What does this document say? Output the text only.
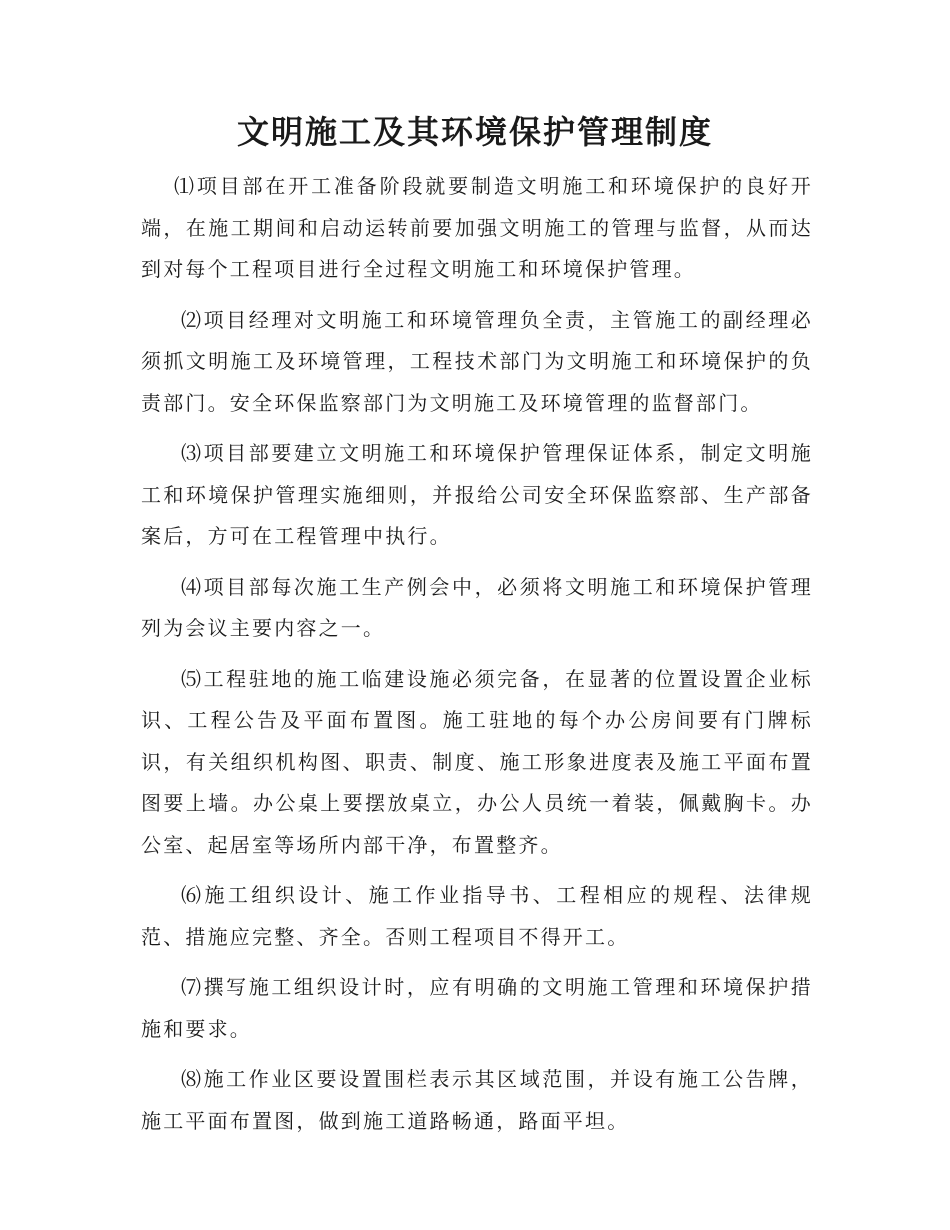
文明施工及其环境保护管理制度

⑴项目部在开工准备阶段就要制造文明施工和环境保护的良好开端，在施工期间和启动运转前要加强文明施工的管理与监督，从而达到对每个工程项目进行全过程文明施工和环境保护管理。

⑵项目经理对文明施工和环境管理负全责，主管施工的副经理必须抓文明施工及环境管理，工程技术部门为文明施工和环境保护的负责部门。安全环保监察部门为文明施工及环境管理的监督部门。

⑶项目部要建立文明施工和环境保护管理保证体系，制定文明施工和环境保护管理实施细则，并报给公司安全环保监察部、生产部备案后，方可在工程管理中执行。

⑷项目部每次施工生产例会中，必须将文明施工和环境保护管理列为会议主要内容之一。

⑸工程驻地的施工临建设施必须完备，在显著的位置设置企业标识、工程公告及平面布置图。施工驻地的每个办公房间要有门牌标识，有关组织机构图、职责、制度、施工形象进度表及施工平面布置图要上墙。办公桌上要摆放桌立，办公人员统一着装，佩戴胸卡。办公室、起居室等场所内部干净，布置整齐。

⑹施工组织设计、施工作业指导书、工程相应的规程、法律规范、措施应完整、齐全。否则工程项目不得开工。

⑺撰写施工组织设计时，应有明确的文明施工管理和环境保护措施和要求。

⑻施工作业区要设置围栏表示其区域范围，并设有施工公告牌，施工平面布置图，做到施工道路畅通，路面平坦。
